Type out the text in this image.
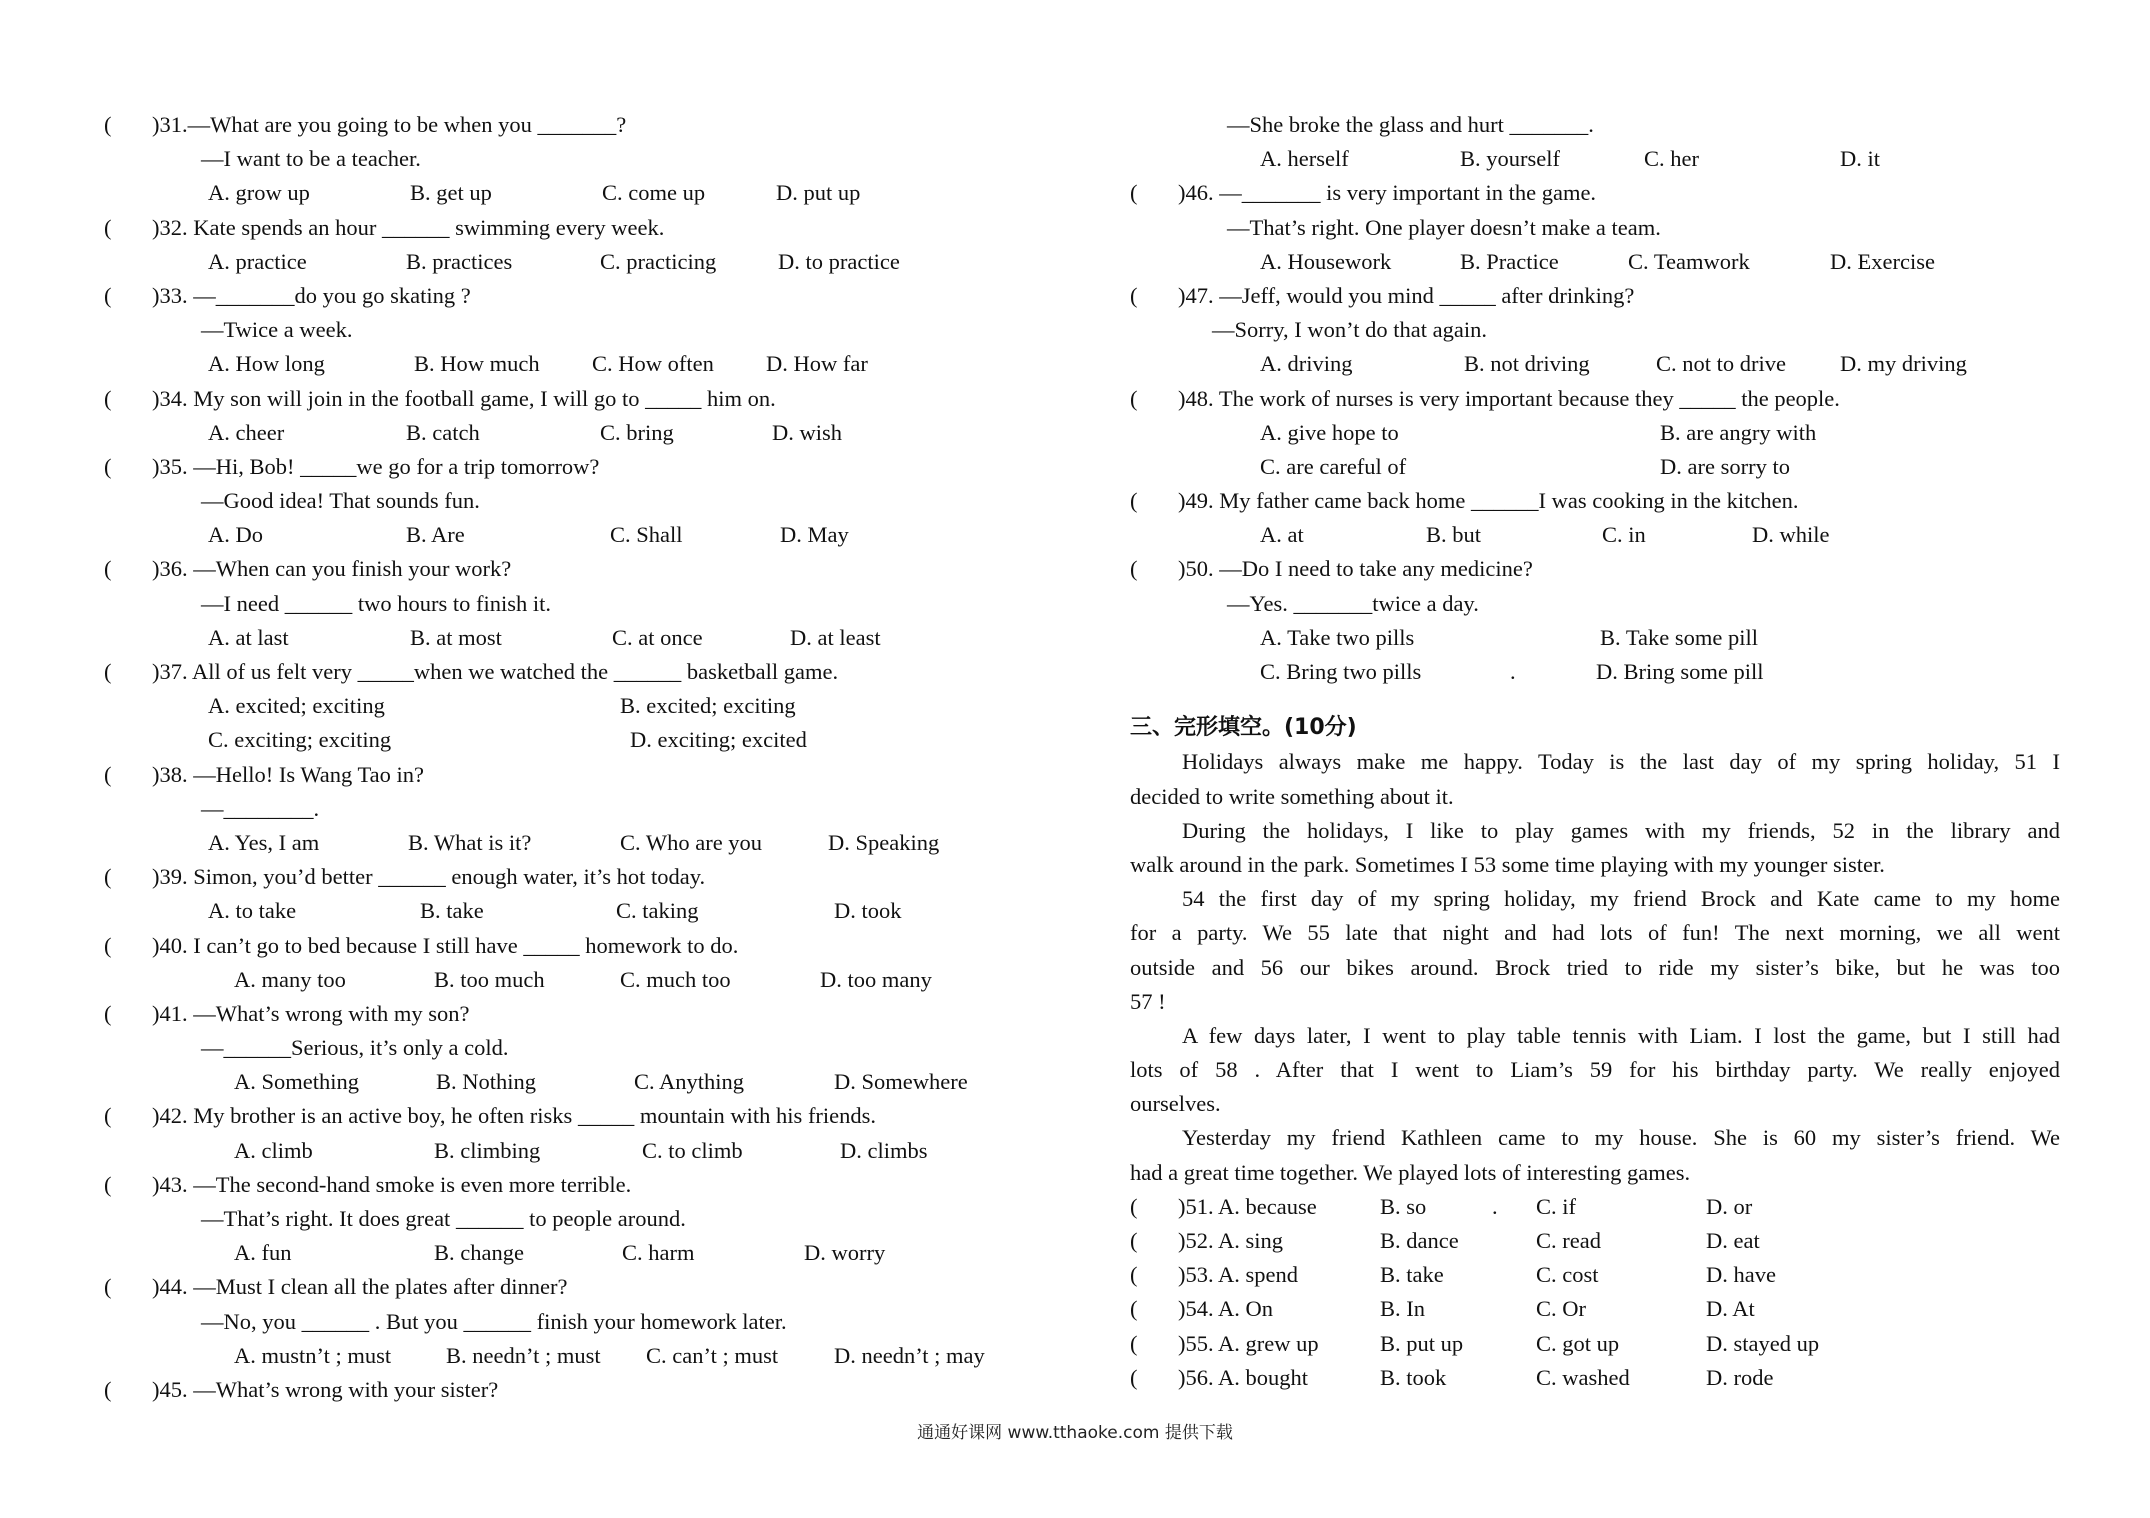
( )31.—What are you going to be when you _______?
—I want to be a teacher.
A. grow up	B. get up	C. come up	D. put up
( )32. Kate spends an hour ______ swimming every week.
A. practice	B. practices	C. practicing	D. to practice
( )33. —_______do you go skating ?
—Twice a week.
A. How long	B. How much C. How often D. How far
( )34. My son will join in the football game, I will go to _____ him on.
A. cheer	B. catch	C. bring	D. wish
( )35. —Hi, Bob! _____we go for a trip tomorrow?
—Good idea! That sounds fun.
A. Do	B. Are	C. Shall	D. May
( )36. —When can you finish your work?
—I need ______ two hours to finish it.
A. at last	B. at most	C. at once	D. at least
( )37. All of us felt very _____when we watched the ______ basketball game.
A. excited; exciting	B. excited; exciting
C. exciting; exciting	D. exciting; excited
( )38. —Hello! Is Wang Tao in?
—________.
A. Yes, I am	B. What is it?	C. Who are you	D. Speaking
( )39. Simon, you’d better ______ enough water, it’s hot today.
A. to take	B. take	C. taking	D. took
( )40. I can’t go to bed because I still have _____ homework to do.
A. many too	B. too much	C. much too	D. too many
( )41. —What’s wrong with my son?
—______Serious, it’s only a cold.
A. Something	B. Nothing	C. Anything	D. Somewhere
( )42. My brother is an active boy, he often risks _____ mountain with his friends.
A. climb	B. climbing	C. to climb	D. climbs
( )43. —The second-hand smoke is even more terrible.
—That’s right. It does great ______ to people around.
A. fun	B. change	C. harm	D. worry
( )44. —Must I clean all the plates after dinner?
—No, you ______ . But you ______ finish your homework later.
A. mustn’t ; must B. needn’t ; must C. can’t ; must D. needn’t ; may
( )45. —What’s wrong with your sister?
—She broke the glass and hurt _______.
A. herself	B. yourself	C. her	D. it
( )46. —_______ is very important in the game.
—That’s right. One player doesn’t make a team.
A. Housework	B. Practice	C. Teamwork	D. Exercise
( )47. —Jeff, would you mind _____ after drinking?
—Sorry, I won’t do that again.
A. driving	B. not driving	C. not to drive D. my driving
( )48. The work of nurses is very important because they _____ the people.
A. give hope to	B. are angry with
C. are careful of	D. are sorry to
( )49. My father came back home ______I was cooking in the kitchen.
A. at	B. but	C. in	D. while
( )50. —Do I need to take any medicine?
—Yes. _______twice a day.
A. Take two pills	B. Take some pill
C. Bring two pills	.	D. Bring some pill
三、完形填空。(10分)
Holidays always make me happy. Today is the last day of my spring holiday, 51 I
decided to write something about it.
During the holidays, I like to play games with my friends, 52 in the library and
walk around in the park. Sometimes I 53 some time playing with my younger sister.
54 the first day of my spring holiday, my friend Brock and Kate came to my home
for a party. We 55 late that night and had lots of fun! The next morning, we all went
outside and 56 our bikes around. Brock tried to ride my sister’s bike, but he was too
57 !
A few days later, I went to play table tennis with Liam. I lost the game, but I still had
lots of 58 . After that I went to Liam’s 59 for his birthday party. We really enjoyed
ourselves.
Yesterday my friend Kathleen came to my house. She is 60 my sister’s friend. We
had a great time together. We played lots of interesting games.
( )51. A. because	B. so	. C. if	D. or
( )52. A. sing	B. dance	C. read	D. eat
( )53. A. spend	B. take	C. cost	D. have
( )54. A. On	B. In	C. Or	D. At
( )55. A. grew up	B. put up	C. got up	D. stayed up
( )56. A. bought	B. took	C. washed	D. rode
通通好课网 www.tthaoke.com 提供下载
